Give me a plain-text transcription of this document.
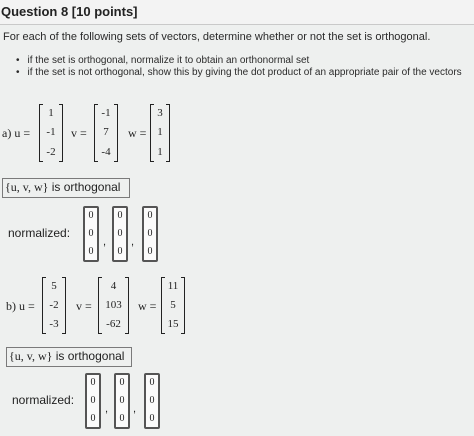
Question 8 [10 points]
For each of the following sets of vectors, determine whether or not the set is orthogonal.
• if the set is orthogonal, normalize it to obtain an orthonormal set
• if the set is not orthogonal, show this by giving the dot product of an appropriate pair of the vectors
a) u =
1
-1
-2
v =
-1
7
-4
w =
3
1
1
{u, v, w} is orthogonal
normalized:
0
0
0
,
0
0
0
,
0
0
0
b) u =
5
-2
-3
v =
4
103
-62
w =
11
5
15
{u, v, w} is orthogonal
normalized:
0
0
0
,
0
0
0
,
0
0
0
